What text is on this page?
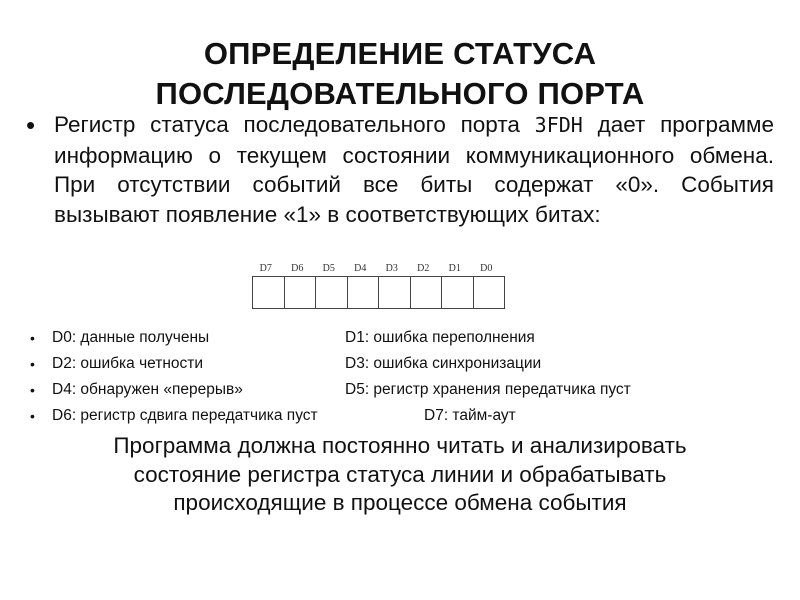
ОПРЕДЕЛЕНИЕ СТАТУСА
ПОСЛЕДОВАТЕЛЬНОГО ПОРТА
• Регистр статуса последовательного порта 3FDH дает программе информацию о текущем состоянии коммуникационного обмена. При отсутствии событий все биты содержат «0». События вызывают появление «1» в соответствующих битах:
D7	D6	D5	D4	D3	D2	D1	D0
• D0: данные получены	D1: ошибка переполнения
• D2: ошибка четности	D3: ошибка синхронизации
• D4: обнаружен «перерыв»	D5: регистр хранения передатчика пуст
• D6: регистр сдвига передатчика пуст	D7: тайм-аут
Программа должна постоянно читать и анализировать
состояние регистра статуса линии и обрабатывать
происходящие в процессе обмена события
